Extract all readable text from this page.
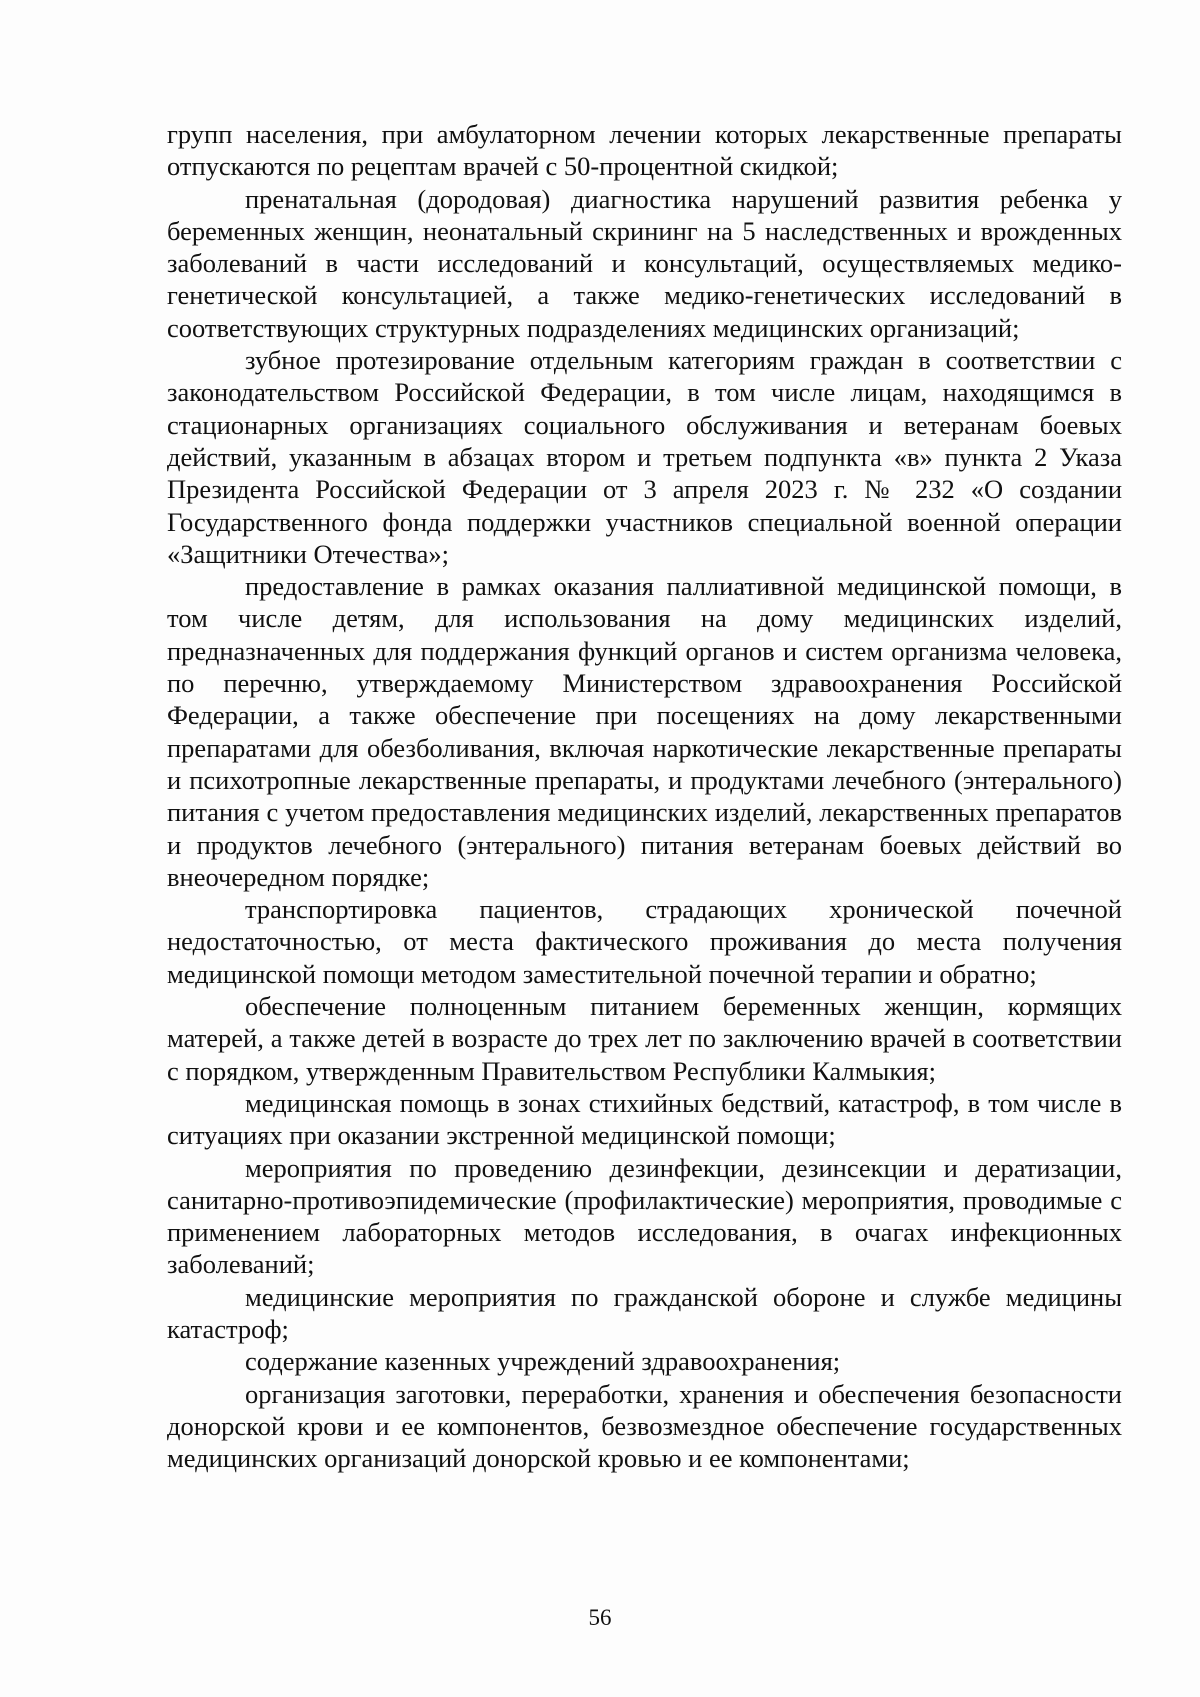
групп населения, при амбулаторном лечении которых лекарственные препараты отпускаются по рецептам врачей с 50-процентной скидкой;

пренатальная (дородовая) диагностика нарушений развития ребенка у беременных женщин, неонатальный скрининг на 5 наследственных и врожденных заболеваний в части исследований и консультаций, осуществляемых медико-генетической консультацией, а также медико-генетических исследований в соответствующих структурных подразделениях медицинских организаций;

зубное протезирование отдельным категориям граждан в соответствии с законодательством Российской Федерации, в том числе лицам, находящимся в стационарных организациях социального обслуживания и ветеранам боевых действий, указанным в абзацах втором и третьем подпункта «в» пункта 2 Указа Президента Российской Федерации от 3 апреля 2023 г. № 232 «О создании Государственного фонда поддержки участников специальной военной операции «Защитники Отечества»;

предоставление в рамках оказания паллиативной медицинской помощи, в том числе детям, для использования на дому медицинских изделий, предназначенных для поддержания функций органов и систем организма человека, по перечню, утверждаемому Министерством здравоохранения Российской Федерации, а также обеспечение при посещениях на дому лекарственными препаратами для обезболивания, включая наркотические лекарственные препараты и психотропные лекарственные препараты, и продуктами лечебного (энтерального) питания с учетом предоставления медицинских изделий, лекарственных препаратов и продуктов лечебного (энтерального) питания ветеранам боевых действий во внеочередном порядке;

транспортировка пациентов, страдающих хронической почечной недостаточностью, от места фактического проживания до места получения медицинской помощи методом заместительной почечной терапии и обратно;

обеспечение полноценным питанием беременных женщин, кормящих матерей, а также детей в возрасте до трех лет по заключению врачей в соответствии с порядком, утвержденным Правительством Республики Калмыкия;

медицинская помощь в зонах стихийных бедствий, катастроф, в том числе в ситуациях при оказании экстренной медицинской помощи;

мероприятия по проведению дезинфекции, дезинсекции и дератизации, санитарно-противоэпидемические (профилактические) мероприятия, проводимые с применением лабораторных методов исследования, в очагах инфекционных заболеваний;

медицинские мероприятия по гражданской обороне и службе медицины катастроф;

содержание казенных учреждений здравоохранения;

организация заготовки, переработки, хранения и обеспечения безопасности донорской крови и ее компонентов, безвозмездное обеспечение государственных медицинских организаций донорской кровью и ее компонентами;

56
